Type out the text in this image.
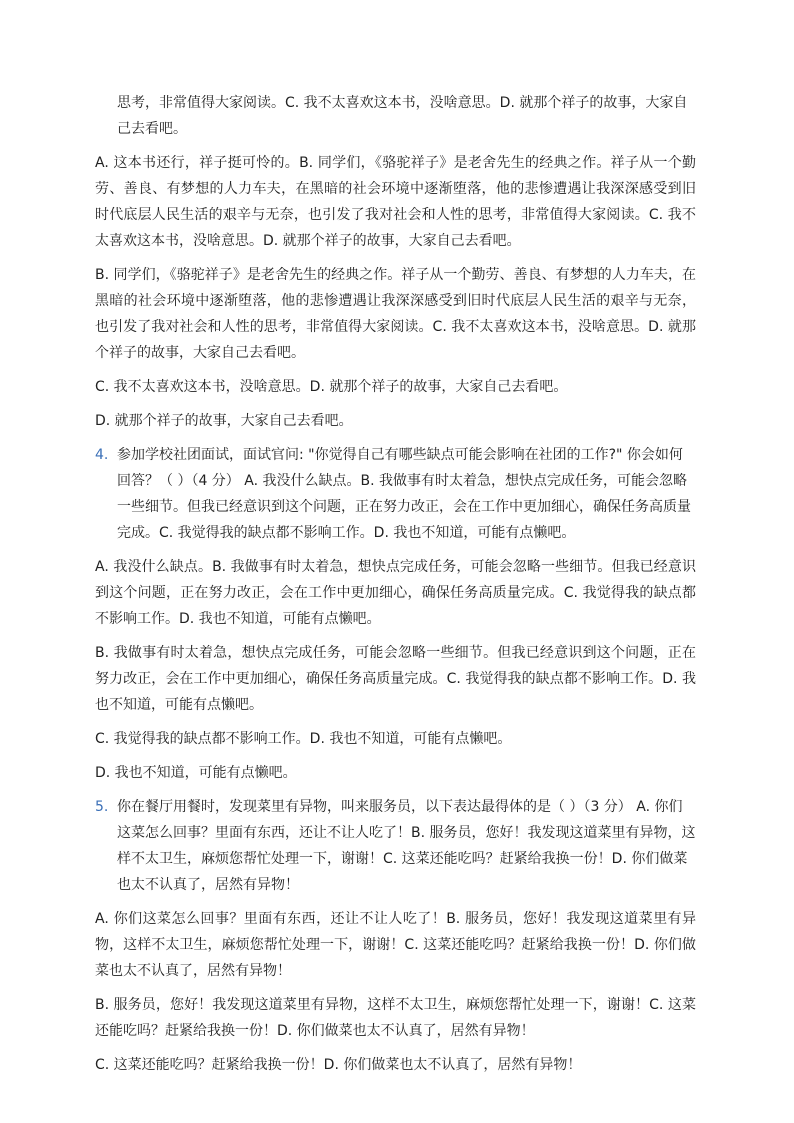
思考，非常值得大家阅读。C. 我不太喜欢这本书，没啥意思。D. 就那个祥子的故事，大家自己去看吧。
A. 这本书还行，祥子挺可怜的。B. 同学们，《骆驼祥子》是老舍先生的经典之作。祥子从一个勤劳、善良、有梦想的人力车夫，在黑暗的社会环境中逐渐堕落，他的悲惨遭遇让我深深感受到旧时代底层人民生活的艰辛与无奈，也引发了我对社会和人性的思考，非常值得大家阅读。C. 我不太喜欢这本书，没啥意思。D. 就那个祥子的故事，大家自己去看吧。
B. 同学们，《骆驼祥子》是老舍先生的经典之作。祥子从一个勤劳、善良、有梦想的人力车夫，在黑暗的社会环境中逐渐堕落，他的悲惨遭遇让我深深感受到旧时代底层人民生活的艰辛与无奈，也引发了我对社会和人性的思考，非常值得大家阅读。C. 我不太喜欢这本书，没啥意思。D. 就那个祥子的故事，大家自己去看吧。
C. 我不太喜欢这本书，没啥意思。D. 就那个祥子的故事，大家自己去看吧。
D. 就那个祥子的故事，大家自己去看吧。
4. 参加学校社团面试，面试官问: "你觉得自己有哪些缺点可能会影响在社团的工作?" 你会如何回答？（ ）（4 分） A. 我没什么缺点。B. 我做事有时太着急，想快点完成任务，可能会忽略一些细节。但我已经意识到这个问题，正在努力改正，会在工作中更加细心，确保任务高质量完成。C. 我觉得我的缺点都不影响工作。D. 我也不知道，可能有点懒吧。
A. 我没什么缺点。B. 我做事有时太着急，想快点完成任务，可能会忽略一些细节。但我已经意识到这个问题，正在努力改正，会在工作中更加细心，确保任务高质量完成。C. 我觉得我的缺点都不影响工作。D. 我也不知道，可能有点懒吧。
B. 我做事有时太着急，想快点完成任务，可能会忽略一些细节。但我已经意识到这个问题，正在努力改正，会在工作中更加细心，确保任务高质量完成。C. 我觉得我的缺点都不影响工作。D. 我也不知道，可能有点懒吧。
C. 我觉得我的缺点都不影响工作。D. 我也不知道，可能有点懒吧。
D. 我也不知道，可能有点懒吧。
5. 你在餐厅用餐时，发现菜里有异物，叫来服务员，以下表达最得体的是（ ）（3 分） A. 你们这菜怎么回事？里面有东西，还让不让人吃了！B. 服务员，您好！我发现这道菜里有异物，这样不太卫生，麻烦您帮忙处理一下，谢谢！C. 这菜还能吃吗？赶紧给我换一份！D. 你们做菜也太不认真了，居然有异物！
A. 你们这菜怎么回事？里面有东西，还让不让人吃了！B. 服务员，您好！我发现这道菜里有异物，这样不太卫生，麻烦您帮忙处理一下，谢谢！C. 这菜还能吃吗？赶紧给我换一份！D. 你们做菜也太不认真了，居然有异物！
B. 服务员，您好！我发现这道菜里有异物，这样不太卫生，麻烦您帮忙处理一下，谢谢！C. 这菜还能吃吗？赶紧给我换一份！D. 你们做菜也太不认真了，居然有异物！
C. 这菜还能吃吗？赶紧给我换一份！D. 你们做菜也太不认真了，居然有异物！
